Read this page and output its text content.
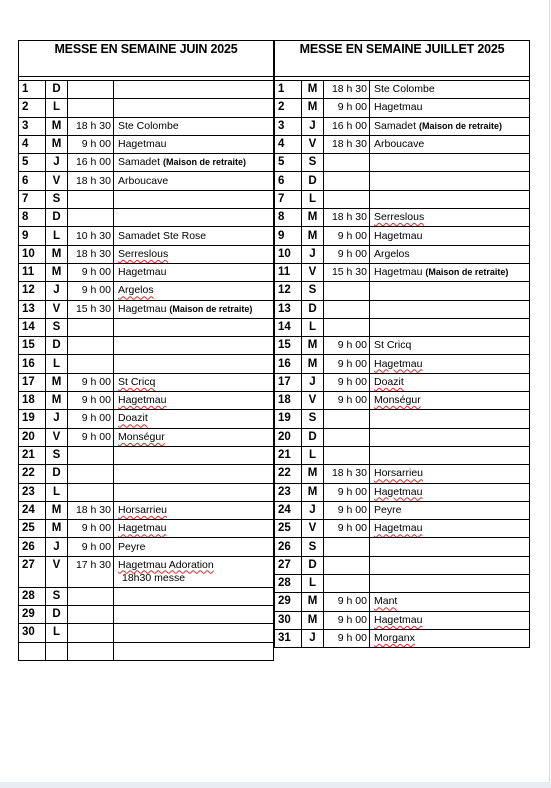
MESSE EN SEMAINE JUIN 2025			

1	D		
2	L		
3	M	18 h 30	Ste Colombe
4	M	9 h 00	Hagetmau
5	J	16 h 00	Samadet (Maison de retraite)
6	V	18 h 30	Arboucave
7	S		
8	D		
9	L	10 h 30	Samadet Ste Rose
10	M	18 h 30	Serreslous
11	M	9 h 00	Hagetmau
12	J	9 h 00	Argelos
13	V	15 h 30	Hagetmau (Maison de retraite)
14	S		
15	D		
16	L		
17	M	9 h 00	St Cricq
18	M	9 h 00	Hagetmau
19	J	9 h 00	Doazit
20	V	9 h 00	Monségur
21	S		
22	D		
23	L		
24	M	18 h 30	Horsarrieu
25	M	9 h 00	Hagetmau
26	J	9 h 00	Peyre
27	V	17 h 30	Hagetmau Adoration
18h30 messe

28	S		
29	D		
30	L		

MESSE EN SEMAINE JUILLET 2025			

1	M	18 h 30	Ste Colombe
2	M	9 h 00	Hagetmau
3	J	16 h 00	Samadet (Maison de retraite)
4	V	18 h 30	Arboucave
5	S		
6	D		
7	L		
8	M	18 h 30	Serreslous
9	M	9 h 00	Hagetmau
10	J	9 h 00	Argelos
11	V	15 h 30	Hagetmau (Maison de retraite)
12	S		
13	D		
14	L		
15	M	9 h 00	St Cricq
16	M	9 h 00	Hagetmau
17	J	9 h 00	Doazit
18	V	9 h 00	Monségur
19	S		
20	D		
21	L		
22	M	18 h 30	Horsarrieu
23	M	9 h 00	Hagetmau
24	J	9 h 00	Peyre
25	V	9 h 00	Hagetmau
26	S		
27	D		
28	L		
29	M	9 h 00	Mant
30	M	9 h 00	Hagetmau
31	J	9 h 00	Morganx
